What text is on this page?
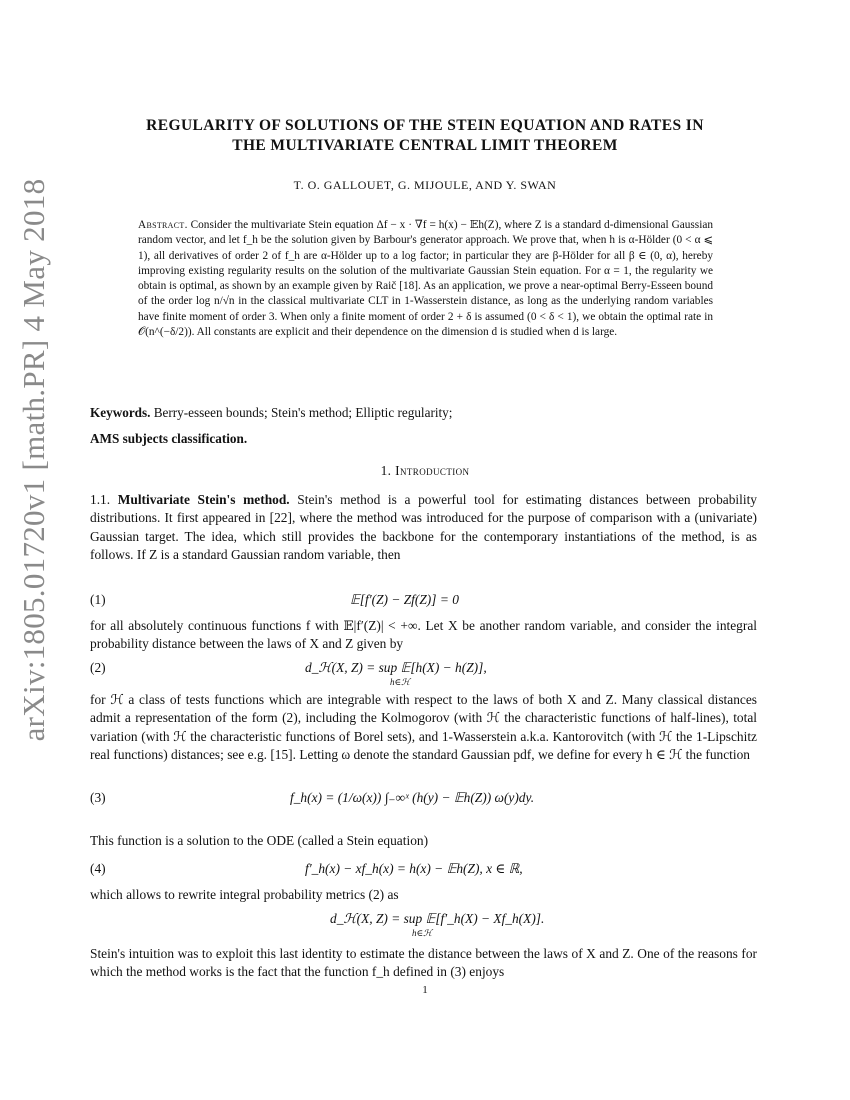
arXiv:1805.01720v1 [math.PR] 4 May 2018
REGULARITY OF SOLUTIONS OF THE STEIN EQUATION AND RATES IN
THE MULTIVARIATE CENTRAL LIMIT THEOREM
T. O. GALLOUET, G. MIJOULE, AND Y. SWAN
Abstract. Consider the multivariate Stein equation Δf − x · ∇f = h(x) − 𝔼h(Z), where Z is a standard d-dimensional Gaussian random vector, and let f_h be the solution given by Barbour's generator approach. We prove that, when h is α-Hölder (0 < α ⩽ 1), all derivatives of order 2 of f_h are α-Hölder up to a log factor; in particular they are β-Hölder for all β ∈ (0, α), hereby improving existing regularity results on the solution of the multivariate Gaussian Stein equation. For α = 1, the regularity we obtain is optimal, as shown by an example given by Raič [18]. As an application, we prove a near-optimal Berry-Esseen bound of the order log n/√n in the classical multivariate CLT in 1-Wasserstein distance, as long as the underlying random variables have finite moment of order 3. When only a finite moment of order 2 + δ is assumed (0 < δ < 1), we obtain the optimal rate in 𝒪(n^(−δ/2)). All constants are explicit and their dependence on the dimension d is studied when d is large.
Keywords. Berry-esseen bounds; Stein's method; Elliptic regularity;
AMS subjects classification.
1. Introduction
1.1. Multivariate Stein's method. Stein's method is a powerful tool for estimating distances between probability distributions. It first appeared in [22], where the method was introduced for the purpose of comparison with a (univariate) Gaussian target. The idea, which still provides the backbone for the contemporary instantiations of the method, is as follows. If Z is a standard Gaussian random variable, then
(1)	𝔼[f′(Z) − Zf(Z)] = 0
for all absolutely continuous functions f with 𝔼|f′(Z)| < +∞. Let X be another random variable, and consider the integral probability distance between the laws of X and Z given by
(2)	d_ℋ(X, Z) = sup 𝔼[h(X) − h(Z)],
h∈ℋ
for ℋ a class of tests functions which are integrable with respect to the laws of both X and Z. Many classical distances admit a representation of the form (2), including the Kolmogorov (with ℋ the characteristic functions of half-lines), total variation (with ℋ the characteristic functions of Borel sets), and 1-Wasserstein a.k.a. Kantorovitch (with ℋ the 1-Lipschitz real functions) distances; see e.g. [15]. Letting ω denote the standard Gaussian pdf, we define for every h ∈ ℋ the function
(3)	f_h(x) = (1/ω(x)) ∫₋∞ˣ (h(y) − 𝔼h(Z)) ω(y)dy.
This function is a solution to the ODE (called a Stein equation)
(4)	f′_h(x) − xf_h(x) = h(x) − 𝔼h(Z), x ∈ ℝ,
which allows to rewrite integral probability metrics (2) as
d_ℋ(X, Z) = sup 𝔼[f′_h(X) − Xf_h(X)].
h∈ℋ
Stein's intuition was to exploit this last identity to estimate the distance between the laws of X and Z. One of the reasons for which the method works is the fact that the function f_h defined in (3) enjoys
1
